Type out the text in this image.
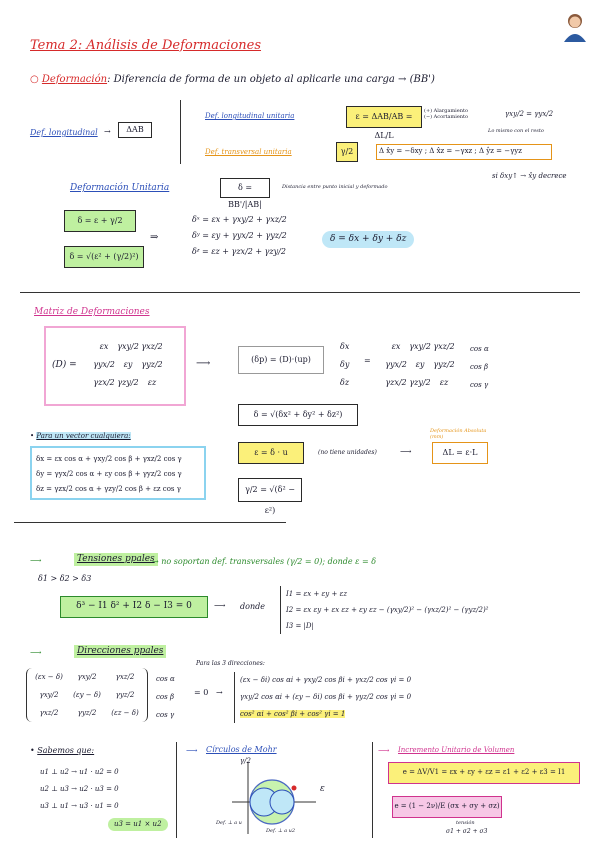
Tema 2: Análisis de Deformaciones
○ Deformación: Diferencia de forma de un objeto al aplicarle una carga → (BB')
Def. longitudinal →	ΔAB
Def. longitudinal unitaria	ε = ΔAB/AB = ΔL/L
(+) Alargamiento
(−) Acortamiento
Def. transversal unitaria	γ/2	Δ x̂y = −δxy ; Δ x̂z = −γxz ; Δ ŷz = −γyz
γxy/2 = γyx/2
Lo mismo con el resto
si δxy↑ → x̂y decrece
Deformación Unitaria	δ = BB'/|AB|
Distancia entre punto inicial y deformado
δ = ε + γ/2
δ = √(ε² + (γ/2)²)
⇒
δˣ = εx + γxy/2 + γxz/2
δʸ = εy + γyx/2 + γyz/2
δᶻ = εz + γzx/2 + γzy/2
δ = δx + δy + δz
Matriz de Deformaciones
(D) =
εx γxy/2 γxz/2
γyx/2 εy γyz/2
γzx/2 γzy/2 εz
⟶	(δp) = (D)·(up)
δx
δy
δz
=
εx γxy/2 γxz/2
γyx/2 εy γyz/2
γzx/2 γzy/2 εz
cos α
cos β
cos γ
δ = √(δx² + δy² + δz²)
ε = δ · u	(no tiene unidades)	⟶	ΔL = ε·L
Deformación Absoluta (mm)
γ/2 = √(δ² − ε²)
• Para un vector cualquiera:
δx = εx cos α + γxy/2 cos β + γxz/2 cos γ
δy = γyx/2 cos α + εy cos β + γyz/2 cos γ
δz = γzx/2 cos α + γzy/2 cos β + εz cos γ
⟶	Tensiones ppales
→ no soportan def. transversales (γ/2 = 0); donde ε = δ
δ1 > δ2 > δ3
δ³ − I1 δ² + I2 δ − I3 = 0	⟶ donde
I1 = εx + εy + εz
I2 = εx εy + εx εz + εy εz − (γxy/2)² − (γxz/2)² − (γyz/2)²
I3 = |D|
⟶	Direcciones ppales
Para las 3 direcciones:
(εx − δ) γxy/2	γxz/2
γxy/2 (εy − δ) γyz/2
γxz/2	γyz/2 (εz − δ)
cos α
cos β
cos γ
= 0 →
(εx − δi) cos αi + γxy/2 cos βi + γxz/2 cos γi = 0
γxy/2 cos αi + (εy − δi) cos βi + γyz/2 cos γi = 0
cos² αi + cos² βi + cos² γi = 1
• Sabemos que:
u1 ⊥ u2 → u1 · u2 = 0
u2 ⊥ u3 → u2 · u3 = 0
u3 ⊥ u1 → u3 · u1 = 0
u3 = u1 × u2
⟶ Círculos de Mohr
γ/2
ε
Def. ⊥ a u
Def. ⊥ a u2
⟶ Incremento Unitario de Volumen
e = ΔV/V1 = εx + εy + εz = ε1 + ε2 + ε3 = I1
e = (1 − 2ν)/E (σx + σy + σz)
tensión
σ1 + σ2 + σ3
